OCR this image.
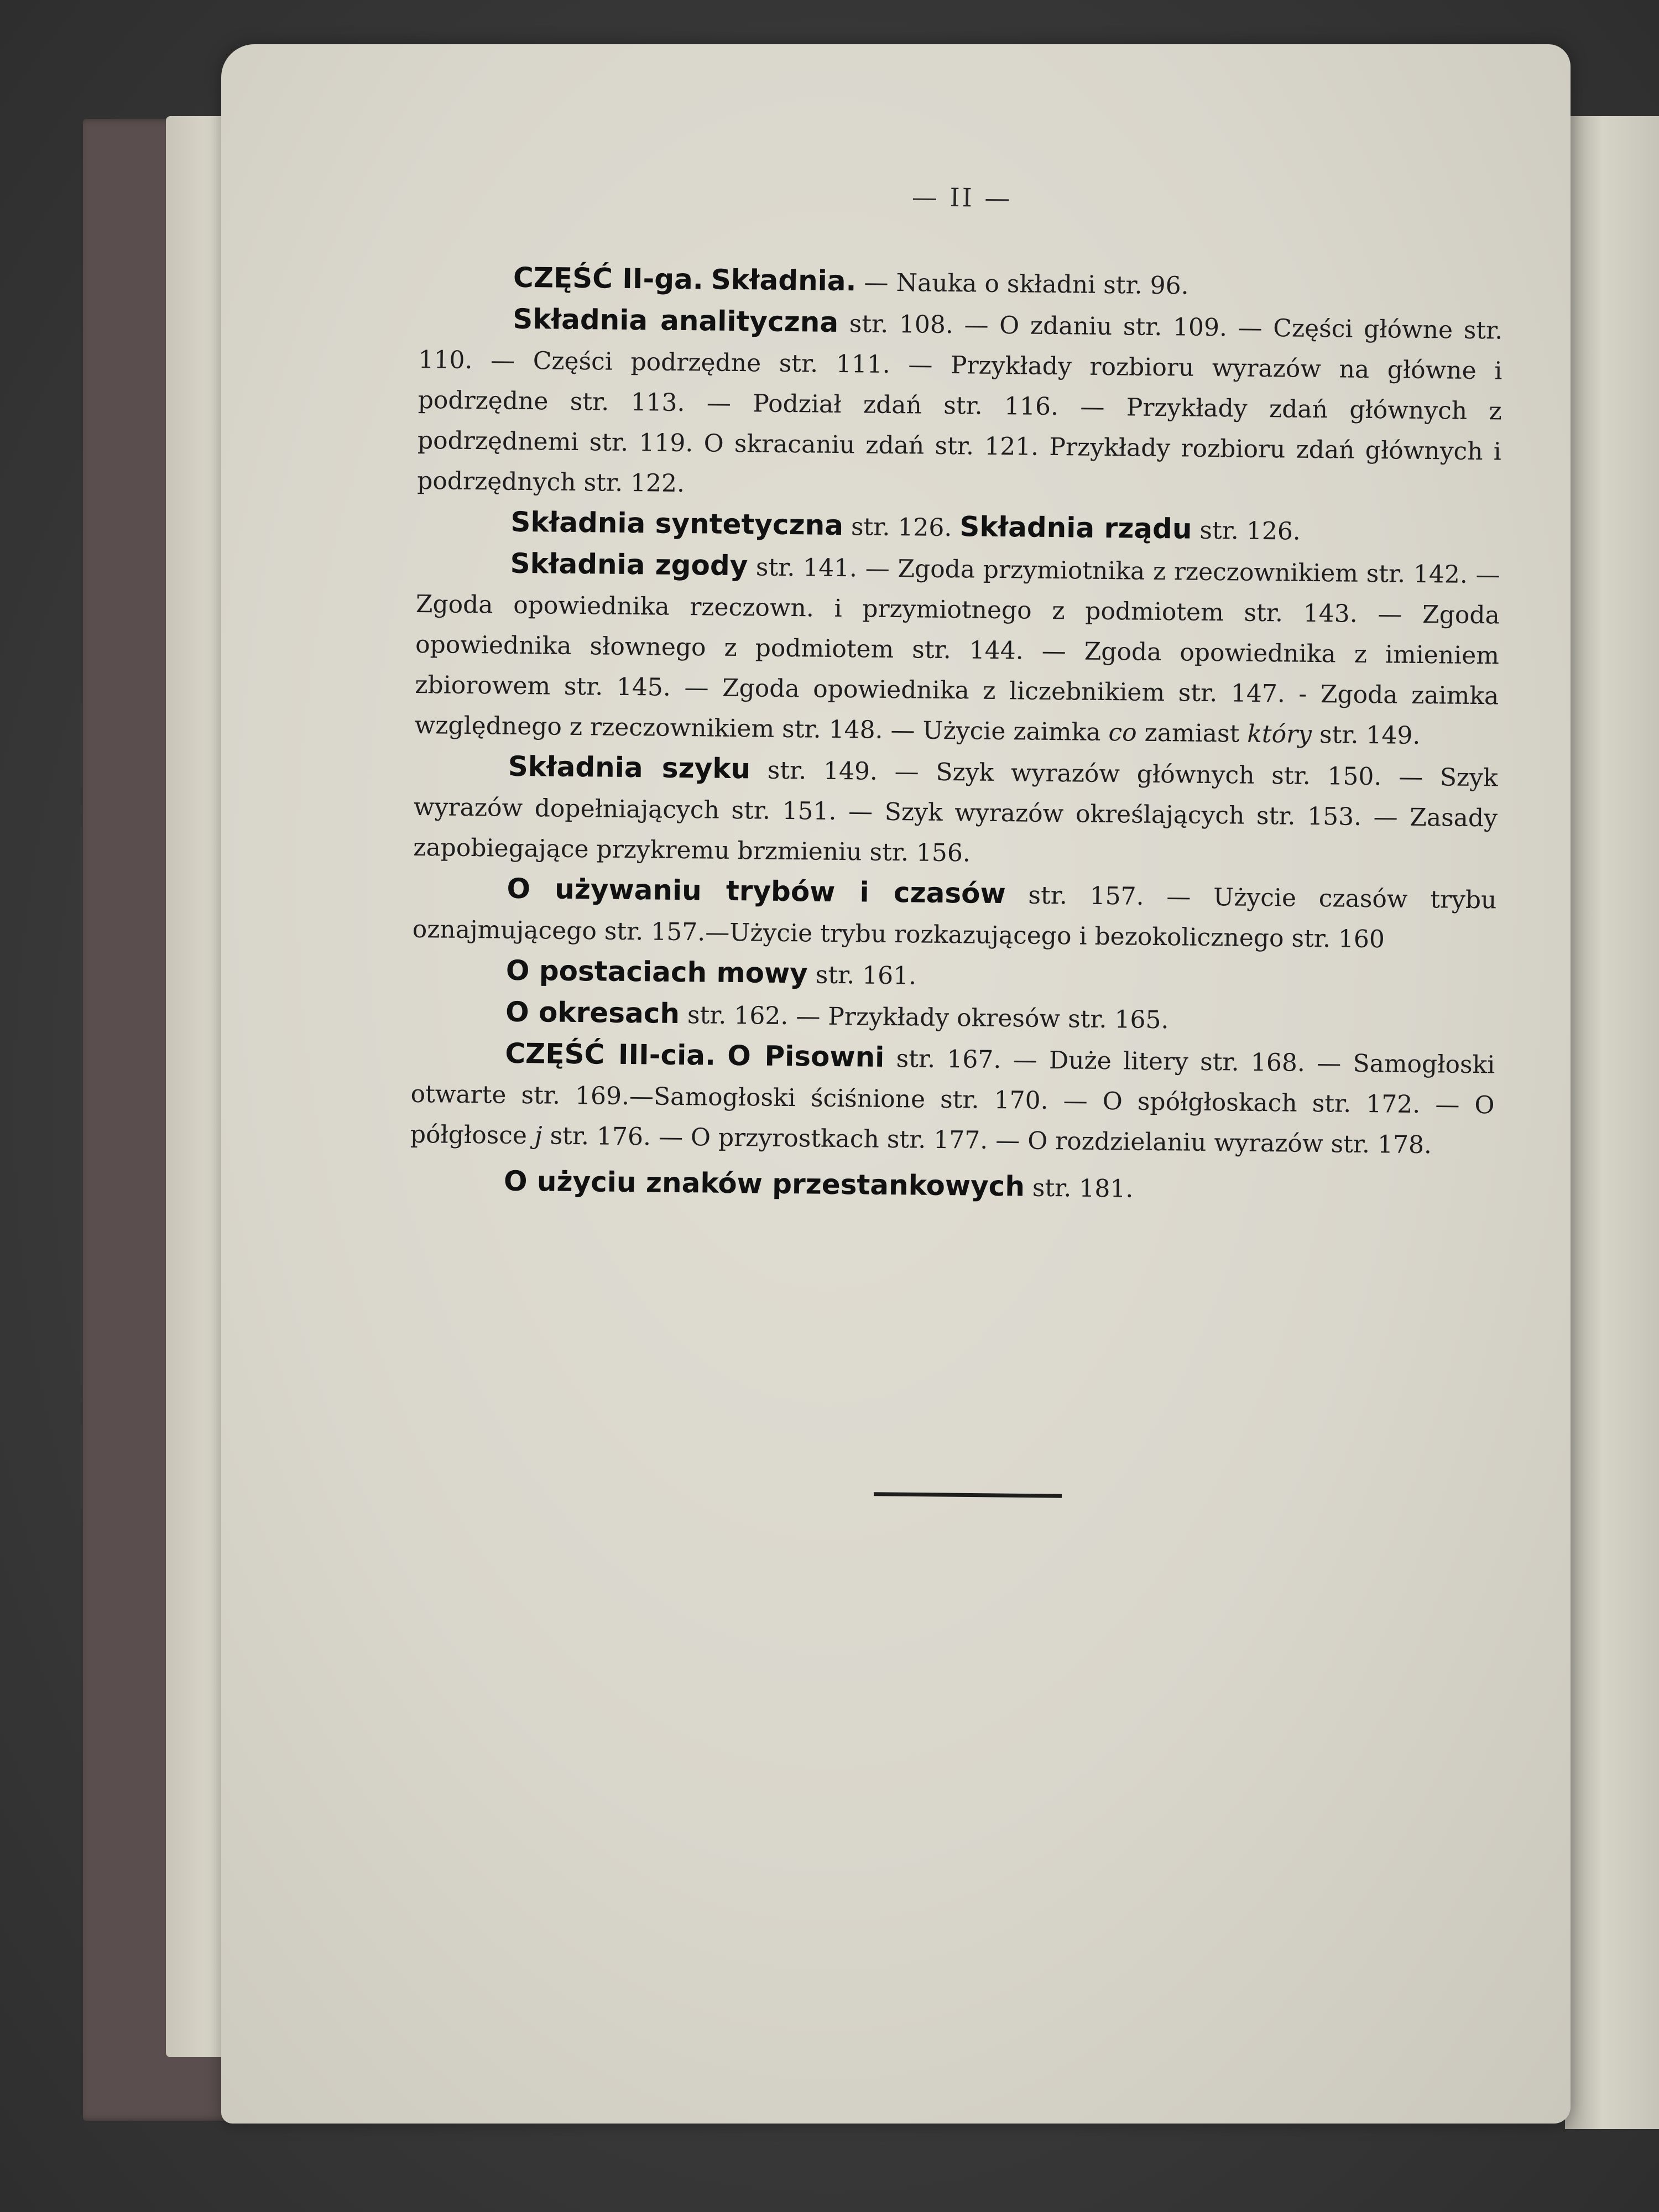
— II —

CZĘŚĆ II-ga. Składnia. — Nauka o składni str. 96.

Składnia analityczna str. 108. — O zdaniu str. 109. — Części główne str. 110. — Części podrzędne str. 111. — Przykłady rozbioru wyrazów na główne i podrzędne str. 113. — Podział zdań str. 116. — Przykłady zdań głównych z podrzędnemi str. 119. O skracaniu zdań str. 121. Przykłady rozbioru zdań głównych i podrzędnych str. 122.

Składnia syntetyczna str. 126. Składnia rządu str. 126.

Składnia zgody str. 141. — Zgoda przymiotnika z rzeczownikiem str. 142. — Zgoda opowiednika rzeczown. i przymiotnego z podmiotem str. 143. — Zgoda opowiednika słownego z podmiotem str. 144. — Zgoda opowiednika z imieniem zbiorowem str. 145. — Zgoda opowiednika z liczebnikiem str. 147. - Zgoda zaimka względnego z rzeczownikiem str. 148. — Użycie zaimka co zamiast który str. 149.

Składnia szyku str. 149. — Szyk wyrazów głównych str. 150. — Szyk wyrazów dopełniających str. 151. — Szyk wyrazów określających str. 153. — Zasady zapobiegające przykremu brzmieniu str. 156.

O używaniu trybów i czasów str. 157. — Użycie czasów trybu oznajmującego str. 157.—Użycie trybu rozkazującego i bezokolicznego str. 160

O postaciach mowy str. 161.

O okresach str. 162. — Przykłady okresów str. 165.

CZĘŚĆ III-cia. O Pisowni str. 167. — Duże litery str. 168. — Samogłoski otwarte str. 169.—Samogłoski ściśnione str. 170. — O spółgłoskach str. 172. — O półgłosce j str. 176. — O przyrostkach str. 177. — O rozdzielaniu wyrazów str. 178.

O użyciu znaków przestankowych str. 181.
